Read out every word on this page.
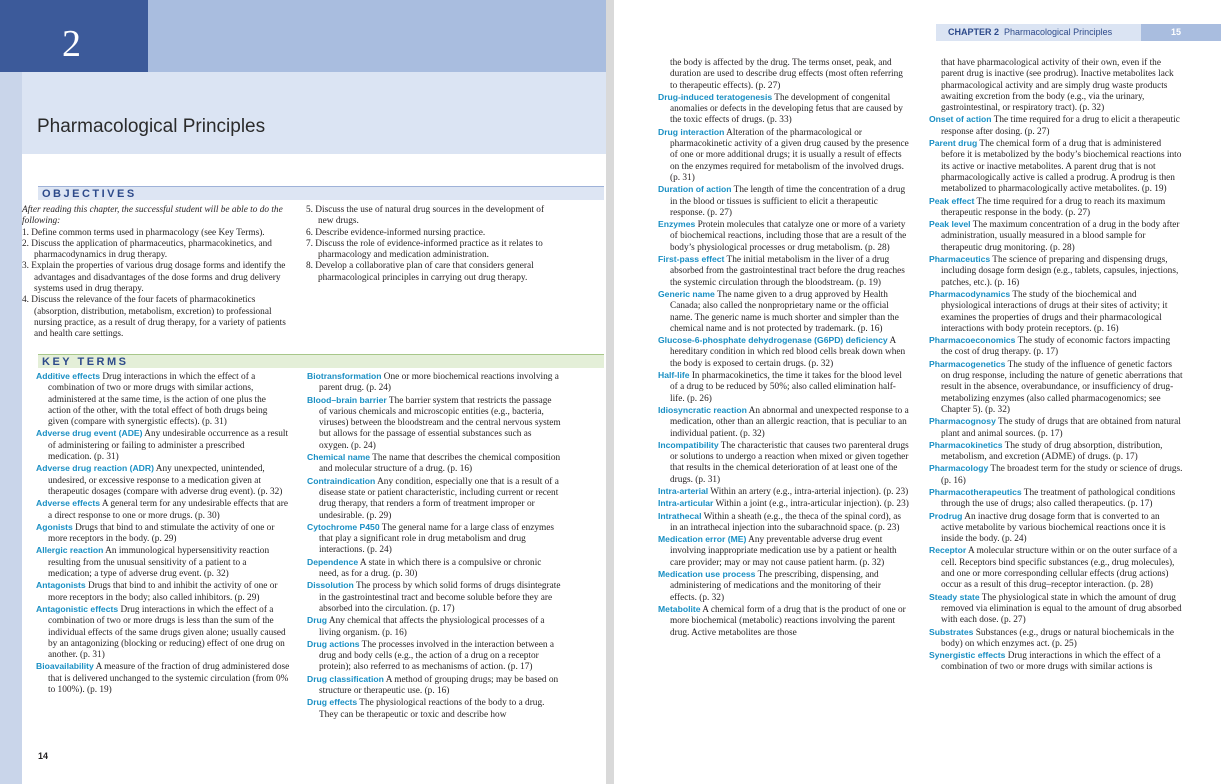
2
Pharmacological Principles
OBJECTIVES
After reading this chapter, the successful student will be able to do the following:
1. Define common terms used in pharmacology (see Key Terms).
2. Discuss the application of pharmaceutics, pharmacokinetics, and pharmacodynamics in drug therapy.
3. Explain the properties of various drug dosage forms and identify the advantages and disadvantages of the dose forms and drug delivery systems used in drug therapy.
4. Discuss the relevance of the four facets of pharmacokinetics (absorption, distribution, metabolism, excretion) to professional nursing practice, as a result of drug therapy, for a variety of patients and health care settings.
5. Discuss the use of natural drug sources in the development of new drugs.
6. Describe evidence-informed nursing practice.
7. Discuss the role of evidence-informed practice as it relates to pharmacology and medication administration.
8. Develop a collaborative plan of care that considers general pharmacological principles in carrying out drug therapy.
KEY TERMS
Additive effects Drug interactions in which the effect of a combination of two or more drugs with similar actions, administered at the same time, is the action of one plus the action of the other, with the total effect of both drugs being given (compare with synergistic effects). (p. 31)
Adverse drug event (ADE) Any undesirable occurrence as a result of administering or failing to administer a prescribed medication. (p. 31)
Adverse drug reaction (ADR) Any unexpected, unintended, undesired, or excessive response to a medication given at therapeutic dosages (compare with adverse drug event). (p. 32)
Adverse effects A general term for any undesirable effects that are a direct response to one or more drugs. (p. 30)
Agonists Drugs that bind to and stimulate the activity of one or more receptors in the body. (p. 29)
Allergic reaction An immunological hypersensitivity reaction resulting from the unusual sensitivity of a patient to a medication; a type of adverse drug event. (p. 32)
Antagonists Drugs that bind to and inhibit the activity of one or more receptors in the body; also called inhibitors. (p. 29)
Antagonistic effects Drug interactions in which the effect of a combination of two or more drugs is less than the sum of the individual effects of the same drugs given alone; usually caused by an antagonizing (blocking or reducing) effect of one drug on another. (p. 31)
Bioavailability A measure of the fraction of drug administered dose that is delivered unchanged to the systemic circulation (from 0% to 100%). (p. 19)
Biotransformation One or more biochemical reactions involving a parent drug. (p. 24)
Blood–brain barrier The barrier system that restricts the passage of various chemicals and microscopic entities (e.g., bacteria, viruses) between the bloodstream and the central nervous system but allows for the passage of essential substances such as oxygen. (p. 24)
Chemical name The name that describes the chemical composition and molecular structure of a drug. (p. 16)
Contraindication Any condition, especially one that is a result of a disease state or patient characteristic, including current or recent drug therapy, that renders a form of treatment improper or undesirable. (p. 29)
Cytochrome P450 The general name for a large class of enzymes that play a significant role in drug metabolism and drug interactions. (p. 24)
Dependence A state in which there is a compulsive or chronic need, as for a drug. (p. 30)
Dissolution The process by which solid forms of drugs disintegrate in the gastrointestinal tract and become soluble before they are absorbed into the circulation. (p. 17)
Drug Any chemical that affects the physiological processes of a living organism. (p. 16)
Drug actions The processes involved in the interaction between a drug and body cells (e.g., the action of a drug on a receptor protein); also referred to as mechanisms of action. (p. 17)
Drug classification A method of grouping drugs; may be based on structure or therapeutic use. (p. 16)
Drug effects The physiological reactions of the body to a drug. They can be therapeutic or toxic and describe how
14
CHAPTER 2 Pharmacological Principles	15
the body is affected by the drug. The terms onset, peak, and duration are used to describe drug effects (most often referring to therapeutic effects). (p. 27)
Drug-induced teratogenesis The development of congenital anomalies or defects in the developing fetus that are caused by the toxic effects of drugs. (p. 33)
Drug interaction Alteration of the pharmacological or pharmacokinetic activity of a given drug caused by the presence of one or more additional drugs; it is usually a result of effects on the enzymes required for metabolism of the involved drugs. (p. 31)
Duration of action The length of time the concentration of a drug in the blood or tissues is sufficient to elicit a therapeutic response. (p. 27)
Enzymes Protein molecules that catalyze one or more of a variety of biochemical reactions, including those that are a result of the body’s physiological processes or drug metabolism. (p. 28)
First-pass effect The initial metabolism in the liver of a drug absorbed from the gastrointestinal tract before the drug reaches the systemic circulation through the bloodstream. (p. 19)
Generic name The name given to a drug approved by Health Canada; also called the nonproprietary name or the official name. The generic name is much shorter and simpler than the chemical name and is not protected by trademark. (p. 16)
Glucose-6-phosphate dehydrogenase (G6PD) deficiency A hereditary condition in which red blood cells break down when the body is exposed to certain drugs. (p. 32)
Half-life In pharmacokinetics, the time it takes for the blood level of a drug to be reduced by 50%; also called elimination half-life. (p. 26)
Idiosyncratic reaction An abnormal and unexpected response to a medication, other than an allergic reaction, that is peculiar to an individual patient. (p. 32)
Incompatibility The characteristic that causes two parenteral drugs or solutions to undergo a reaction when mixed or given together that results in the chemical deterioration of at least one of the drugs. (p. 31)
Intra-arterial Within an artery (e.g., intra-arterial injection). (p. 23)
Intra-articular Within a joint (e.g., intra-articular injection). (p. 23)
Intrathecal Within a sheath (e.g., the theca of the spinal cord), as in an intrathecal injection into the subarachnoid space. (p. 23)
Medication error (ME) Any preventable adverse drug event involving inappropriate medication use by a patient or health care provider; may or may not cause patient harm. (p. 32)
Medication use process The prescribing, dispensing, and administering of medications and the monitoring of their effects. (p. 32)
Metabolite A chemical form of a drug that is the product of one or more biochemical (metabolic) reactions involving the parent drug. Active metabolites are those
that have pharmacological activity of their own, even if the parent drug is inactive (see prodrug). Inactive metabolites lack pharmacological activity and are simply drug waste products awaiting excretion from the body (e.g., via the urinary, gastrointestinal, or respiratory tract). (p. 32)
Onset of action The time required for a drug to elicit a therapeutic response after dosing. (p. 27)
Parent drug The chemical form of a drug that is administered before it is metabolized by the body’s biochemical reactions into its active or inactive metabolites. A parent drug that is not pharmacologically active is called a prodrug. A prodrug is then metabolized to pharmacologically active metabolites. (p. 19)
Peak effect The time required for a drug to reach its maximum therapeutic response in the body. (p. 27)
Peak level The maximum concentration of a drug in the body after administration, usually measured in a blood sample for therapeutic drug monitoring. (p. 28)
Pharmaceutics The science of preparing and dispensing drugs, including dosage form design (e.g., tablets, capsules, injections, patches, etc.). (p. 16)
Pharmacodynamics The study of the biochemical and physiological interactions of drugs at their sites of activity; it examines the properties of drugs and their pharmacological interactions with body protein receptors. (p. 16)
Pharmacoeconomics The study of economic factors impacting the cost of drug therapy. (p. 17)
Pharmacogenetics The study of the influence of genetic factors on drug response, including the nature of genetic aberrations that result in the absence, overabundance, or insufficiency of drug-metabolizing enzymes (also called pharmacogenomics; see Chapter 5). (p. 32)
Pharmacognosy The study of drugs that are obtained from natural plant and animal sources. (p. 17)
Pharmacokinetics The study of drug absorption, distribution, metabolism, and excretion (ADME) of drugs. (p. 17)
Pharmacology The broadest term for the study or science of drugs. (p. 16)
Pharmacotherapeutics The treatment of pathological conditions through the use of drugs; also called therapeutics. (p. 17)
Prodrug An inactive drug dosage form that is converted to an active metabolite by various biochemical reactions once it is inside the body. (p. 24)
Receptor A molecular structure within or on the outer surface of a cell. Receptors bind specific substances (e.g., drug molecules), and one or more corresponding cellular effects (drug actions) occur as a result of this drug–receptor interaction. (p. 28)
Steady state The physiological state in which the amount of drug removed via elimination is equal to the amount of drug absorbed with each dose. (p. 27)
Substrates Substances (e.g., drugs or natural biochemicals in the body) on which enzymes act. (p. 25)
Synergistic effects Drug interactions in which the effect of a combination of two or more drugs with similar actions is
